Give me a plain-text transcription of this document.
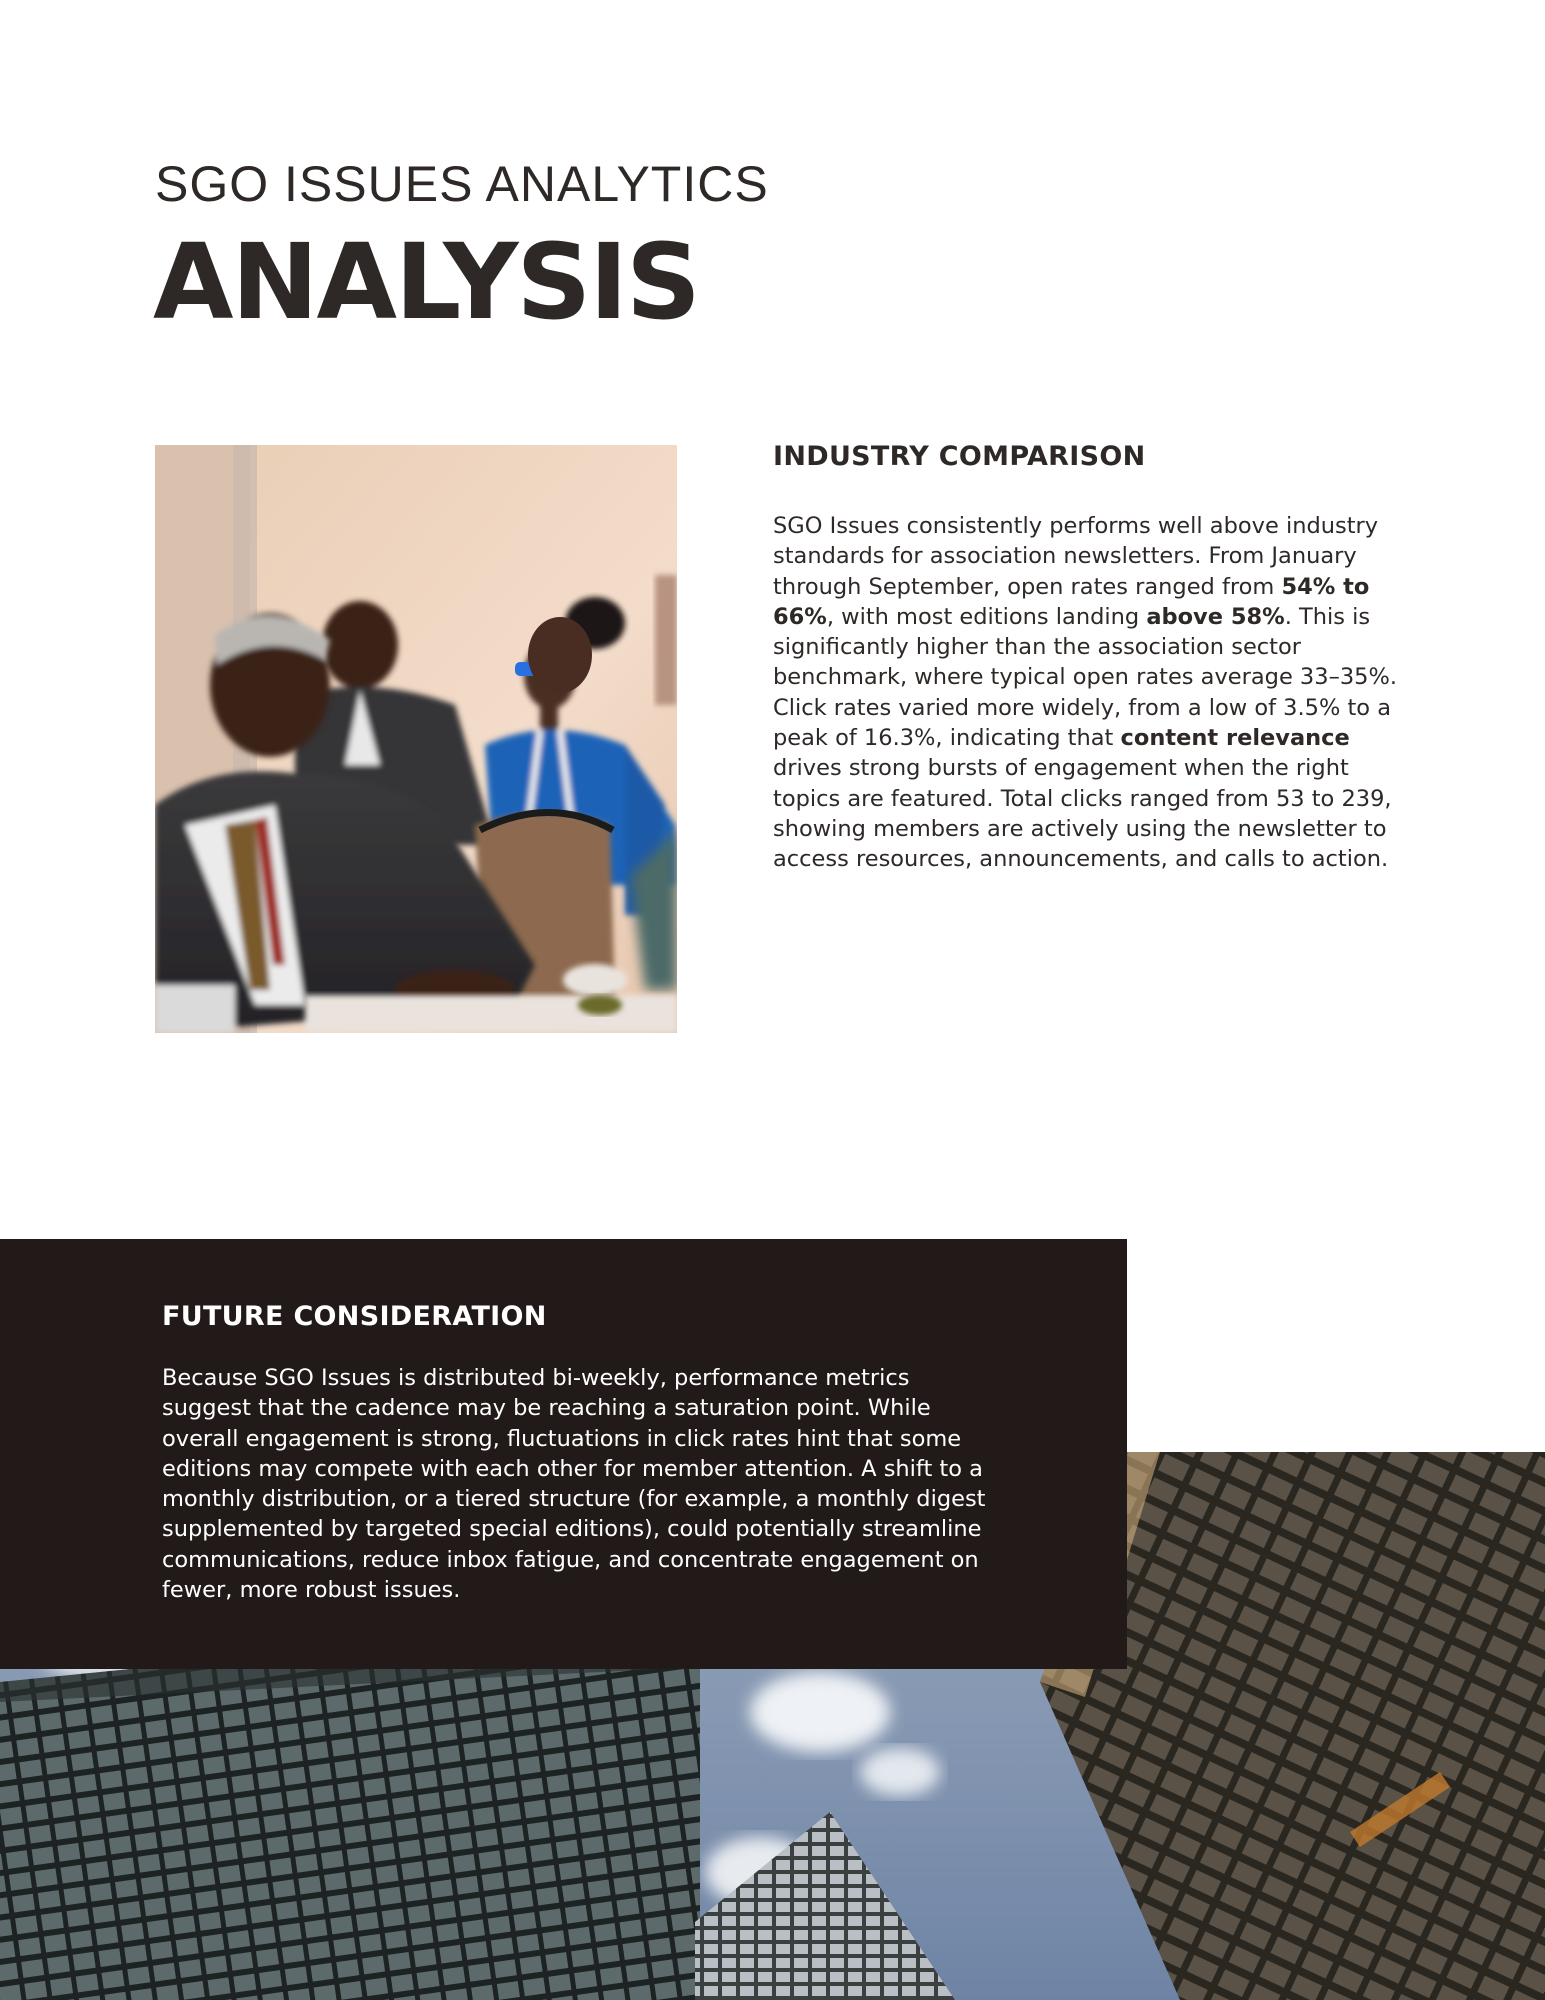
SGO ISSUES ANALYTICS

ANALYSIS
INDUSTRY COMPARISON

SGO Issues consistently performs well above industry standards for association newsletters. From January through September, open rates ranged from 54% to 66%, with most editions landing above 58%. This is significantly higher than the association sector benchmark, where typical open rates average 33–35%. Click rates varied more widely, from a low of 3.5% to a peak of 16.3%, indicating that content relevance drives strong bursts of engagement when the right topics are featured. Total clicks ranged from 53 to 239, showing members are actively using the newsletter to access resources, announcements, and calls to action.

FUTURE CONSIDERATION

Because SGO Issues is distributed bi-weekly, performance metrics suggest that the cadence may be reaching a saturation point. While overall engagement is strong, fluctuations in click rates hint that some editions may compete with each other for member attention. A shift to a monthly distribution, or a tiered structure (for example, a monthly digest supplemented by targeted special editions), could potentially streamline communications, reduce inbox fatigue, and concentrate engagement on fewer, more robust issues.
